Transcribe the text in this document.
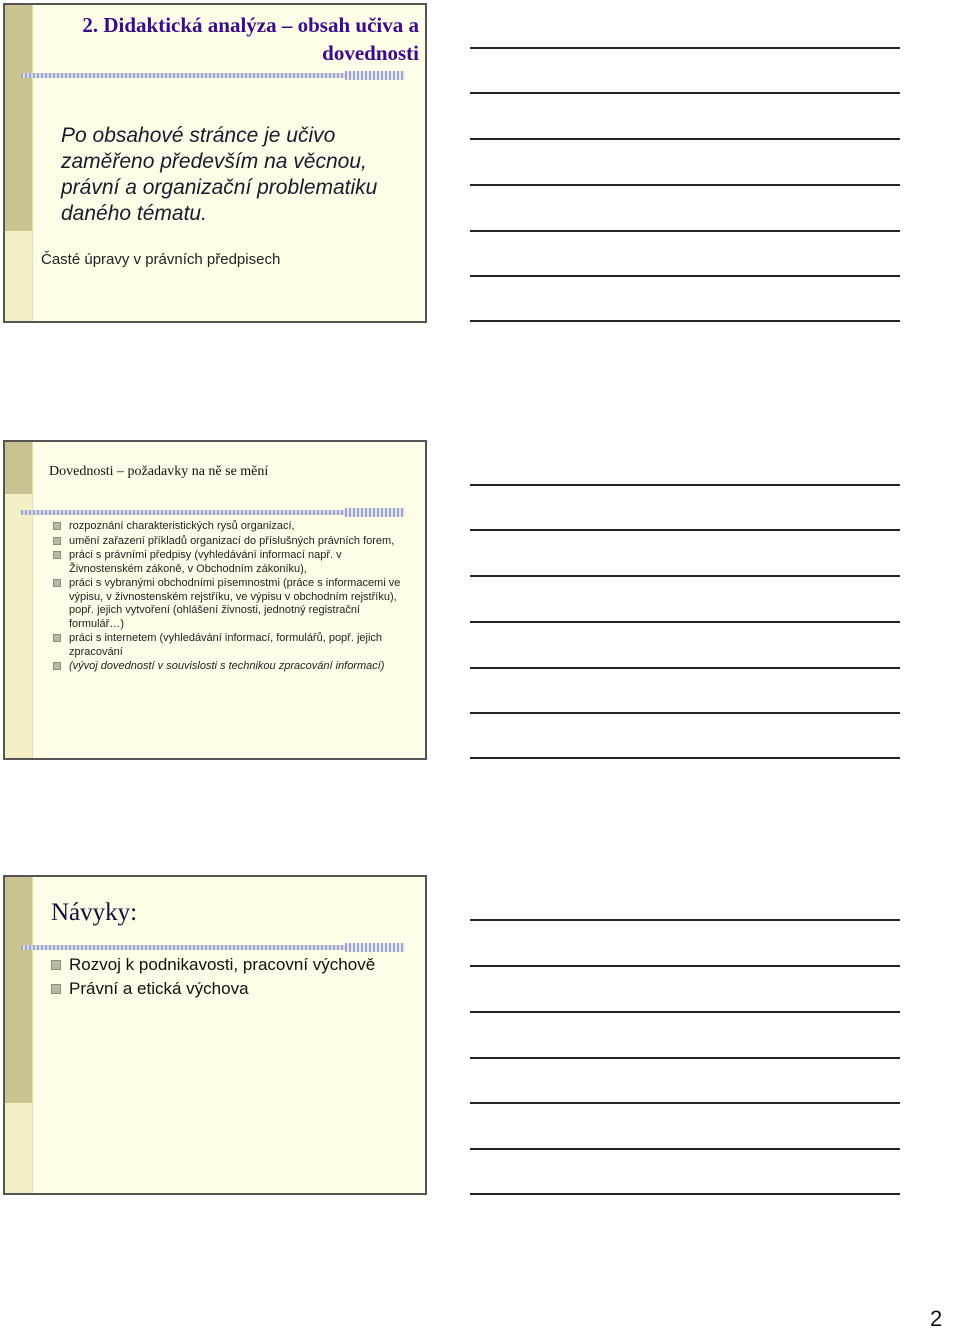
2. Didaktická analýza – obsah učiva a dovednosti
Po obsahové stránce je učivo zaměřeno především na věcnou, právní a organizační problematiku daného tématu.
Časté úpravy v právních předpisech
Dovednosti – požadavky na ně se mění
rozpoznání charakteristických rysů organizací,
umění zařazení příkladů organizací do příslušných právních forem,
práci s právními předpisy (vyhledávání informací např. v Živnostenském zákoně, v Obchodním zákoníku),
práci s vybranými obchodními písemnostmi (práce s informacemi ve výpisu, v živnostenském rejstříku, ve výpisu v obchodním rejstříku), popř. jejich vytvoření (ohlášení živnosti, jednotný registrační formulář…)
práci s internetem (vyhledávání informací, formulářů, popř. jejich zpracování
(vývoj dovedností v souvislosti s technikou zpracování informací)
Návyky:
Rozvoj k podnikavosti, pracovní výchově
Právní a etická výchova
2
